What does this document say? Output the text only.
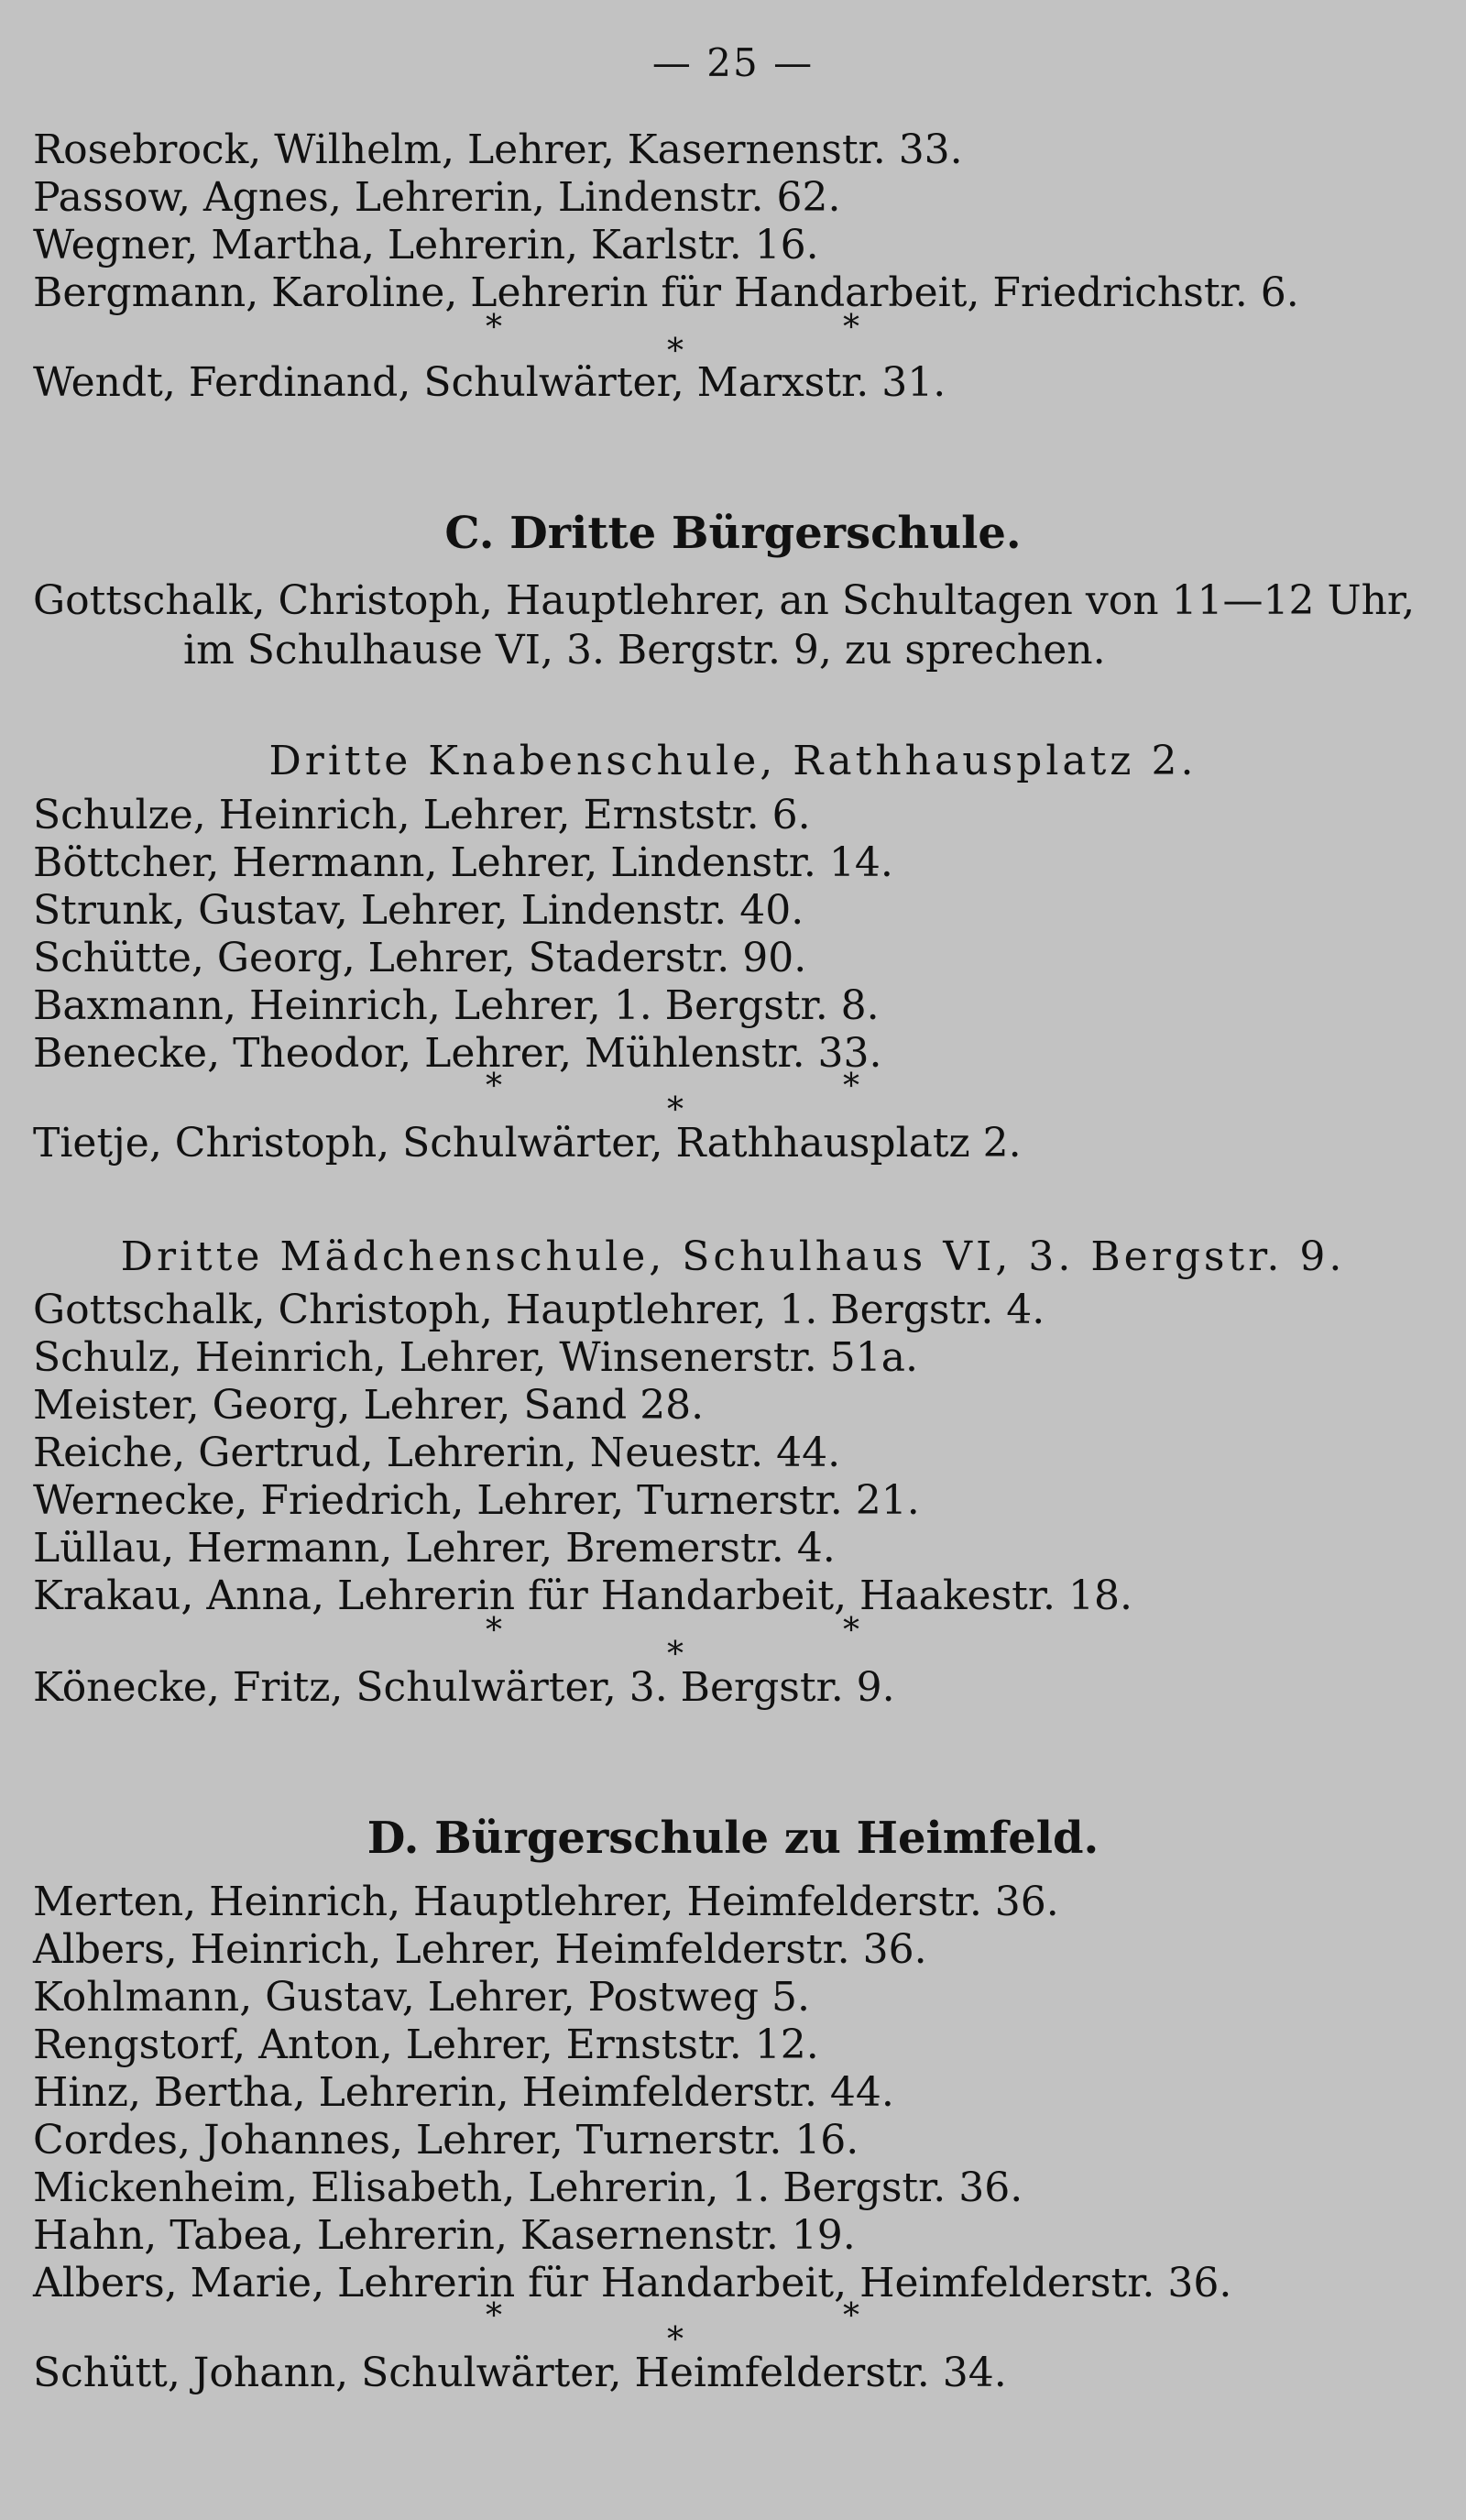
— 25 —
Rosebrock, Wilhelm, Lehrer, Kasernenstr. 33.
Passow, Agnes, Lehrerin, Lindenstr. 62.
Wegner, Martha, Lehrerin, Karlstr. 16.
Bergmann, Karoline, Lehrerin für Handarbeit, Friedrichstr. 6.
*
*
*
Wendt, Ferdinand, Schulwärter, Marxstr. 31.
C. Dritte Bürgerschule.
Gottschalk, Christoph, Hauptlehrer, an Schultagen von 11—12 Uhr,
im Schulhause VI, 3. Bergstr. 9, zu sprechen.
Dritte Knabenschule, Rathhausplatz 2.
Schulze, Heinrich, Lehrer, Ernststr. 6.
Böttcher, Hermann, Lehrer, Lindenstr. 14.
Strunk, Gustav, Lehrer, Lindenstr. 40.
Schütte, Georg, Lehrer, Staderstr. 90.
Baxmann, Heinrich, Lehrer, 1. Bergstr. 8.
Benecke, Theodor, Lehrer, Mühlenstr. 33.
*
*
*
Tietje, Christoph, Schulwärter, Rathhausplatz 2.
Dritte Mädchenschule, Schulhaus VI, 3. Bergstr. 9.
Gottschalk, Christoph, Hauptlehrer, 1. Bergstr. 4.
Schulz, Heinrich, Lehrer, Winsenerstr. 51a.
Meister, Georg, Lehrer, Sand 28.
Reiche, Gertrud, Lehrerin, Neuestr. 44.
Wernecke, Friedrich, Lehrer, Turnerstr. 21.
Lüllau, Hermann, Lehrer, Bremerstr. 4.
Krakau, Anna, Lehrerin für Handarbeit, Haakestr. 18.
*
*
*
Könecke, Fritz, Schulwärter, 3. Bergstr. 9.
D. Bürgerschule zu Heimfeld.
Merten, Heinrich, Hauptlehrer, Heimfelderstr. 36.
Albers, Heinrich, Lehrer, Heimfelderstr. 36.
Kohlmann, Gustav, Lehrer, Postweg 5.
Rengstorf, Anton, Lehrer, Ernststr. 12.
Hinz, Bertha, Lehrerin, Heimfelderstr. 44.
Cordes, Johannes, Lehrer, Turnerstr. 16.
Mickenheim, Elisabeth, Lehrerin, 1. Bergstr. 36.
Hahn, Tabea, Lehrerin, Kasernenstr. 19.
Albers, Marie, Lehrerin für Handarbeit, Heimfelderstr. 36.
*
*
*
Schütt, Johann, Schulwärter, Heimfelderstr. 34.
